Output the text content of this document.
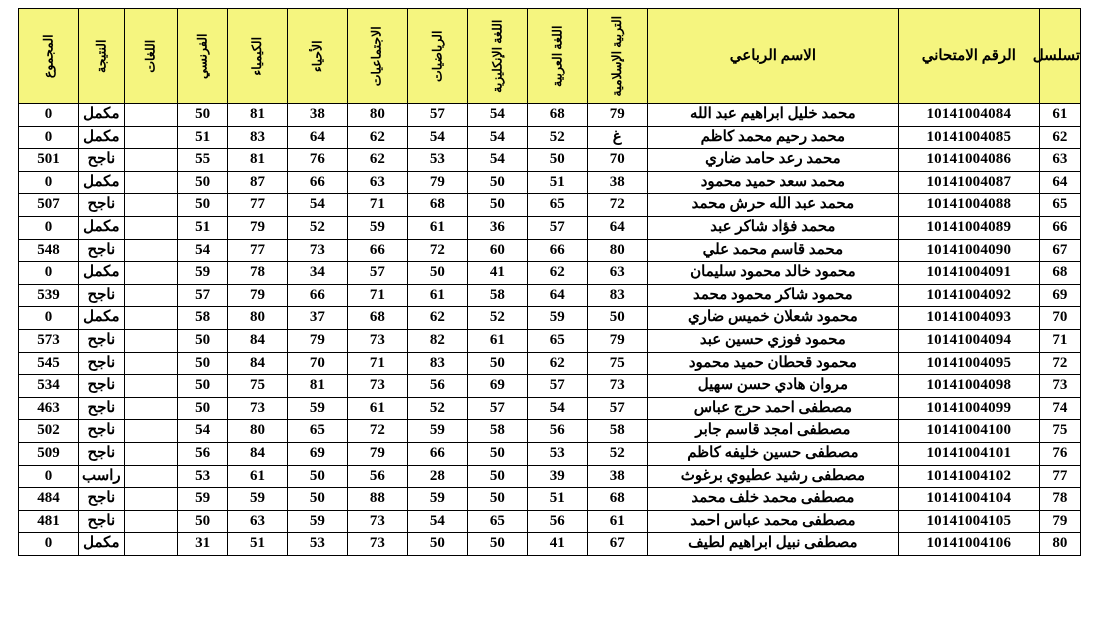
تسلسل	الرقم الامتحاني	الاسم الرباعي	التربية الإسلامية	اللغة العربية	اللغة الإنكليزية	الرياضيات	الاجتماعيات	الأحياء	الكيمياء	الفرنسي	اللغات	النتيجة	المجموع

61	10141004084	محمد خليل ابراهيم عبد الله	79	68	54	57	80	38	81	50		مكمل	0
62	10141004085	محمد رحيم محمد كاظم	غ	52	54	54	62	64	83	51		مكمل	0
63	10141004086	محمد رعد حامد ضاري	70	50	54	53	62	76	81	55		ناجح	501
64	10141004087	محمد سعد حميد محمود	38	51	50	79	63	66	87	50		مكمل	0
65	10141004088	محمد عبد الله حرش محمد	72	65	50	68	71	54	77	50		ناجح	507
66	10141004089	محمد فؤاد شاكر عبد	64	57	36	61	59	52	79	51		مكمل	0
67	10141004090	محمد قاسم محمد علي	80	66	60	72	66	73	77	54		ناجح	548
68	10141004091	محمود خالد محمود سليمان	63	62	41	50	57	34	78	59		مكمل	0
69	10141004092	محمود شاكر محمود محمد	83	64	58	61	71	66	79	57		ناجح	539
70	10141004093	محمود شعلان خميس ضاري	50	59	52	62	68	37	80	58		مكمل	0
71	10141004094	محمود فوزي حسين عبد	79	65	61	82	73	79	84	50		ناجح	573
72	10141004095	محمود قحطان حميد محمود	75	62	50	83	71	70	84	50		ناجح	545
73	10141004098	مروان هادي حسن سهيل	73	57	69	56	73	81	75	50		ناجح	534
74	10141004099	مصطفى احمد حرج عباس	57	54	57	52	61	59	73	50		ناجح	463
75	10141004100	مصطفى امجد قاسم جابر	58	56	58	59	72	65	80	54		ناجح	502
76	10141004101	مصطفى حسين خليفه كاظم	52	53	50	66	79	69	84	56		ناجح	509
77	10141004102	مصطفى رشيد عطيوي برغوث	38	39	50	28	56	50	61	53		راسب	0
78	10141004104	مصطفى محمد خلف محمد	68	51	50	59	88	50	59	59		ناجح	484
79	10141004105	مصطفى محمد عباس احمد	61	56	65	54	73	59	63	50		ناجح	481
80	10141004106	مصطفى نبيل ابراهيم لطيف	67	41	50	50	73	53	51	31		مكمل	0
